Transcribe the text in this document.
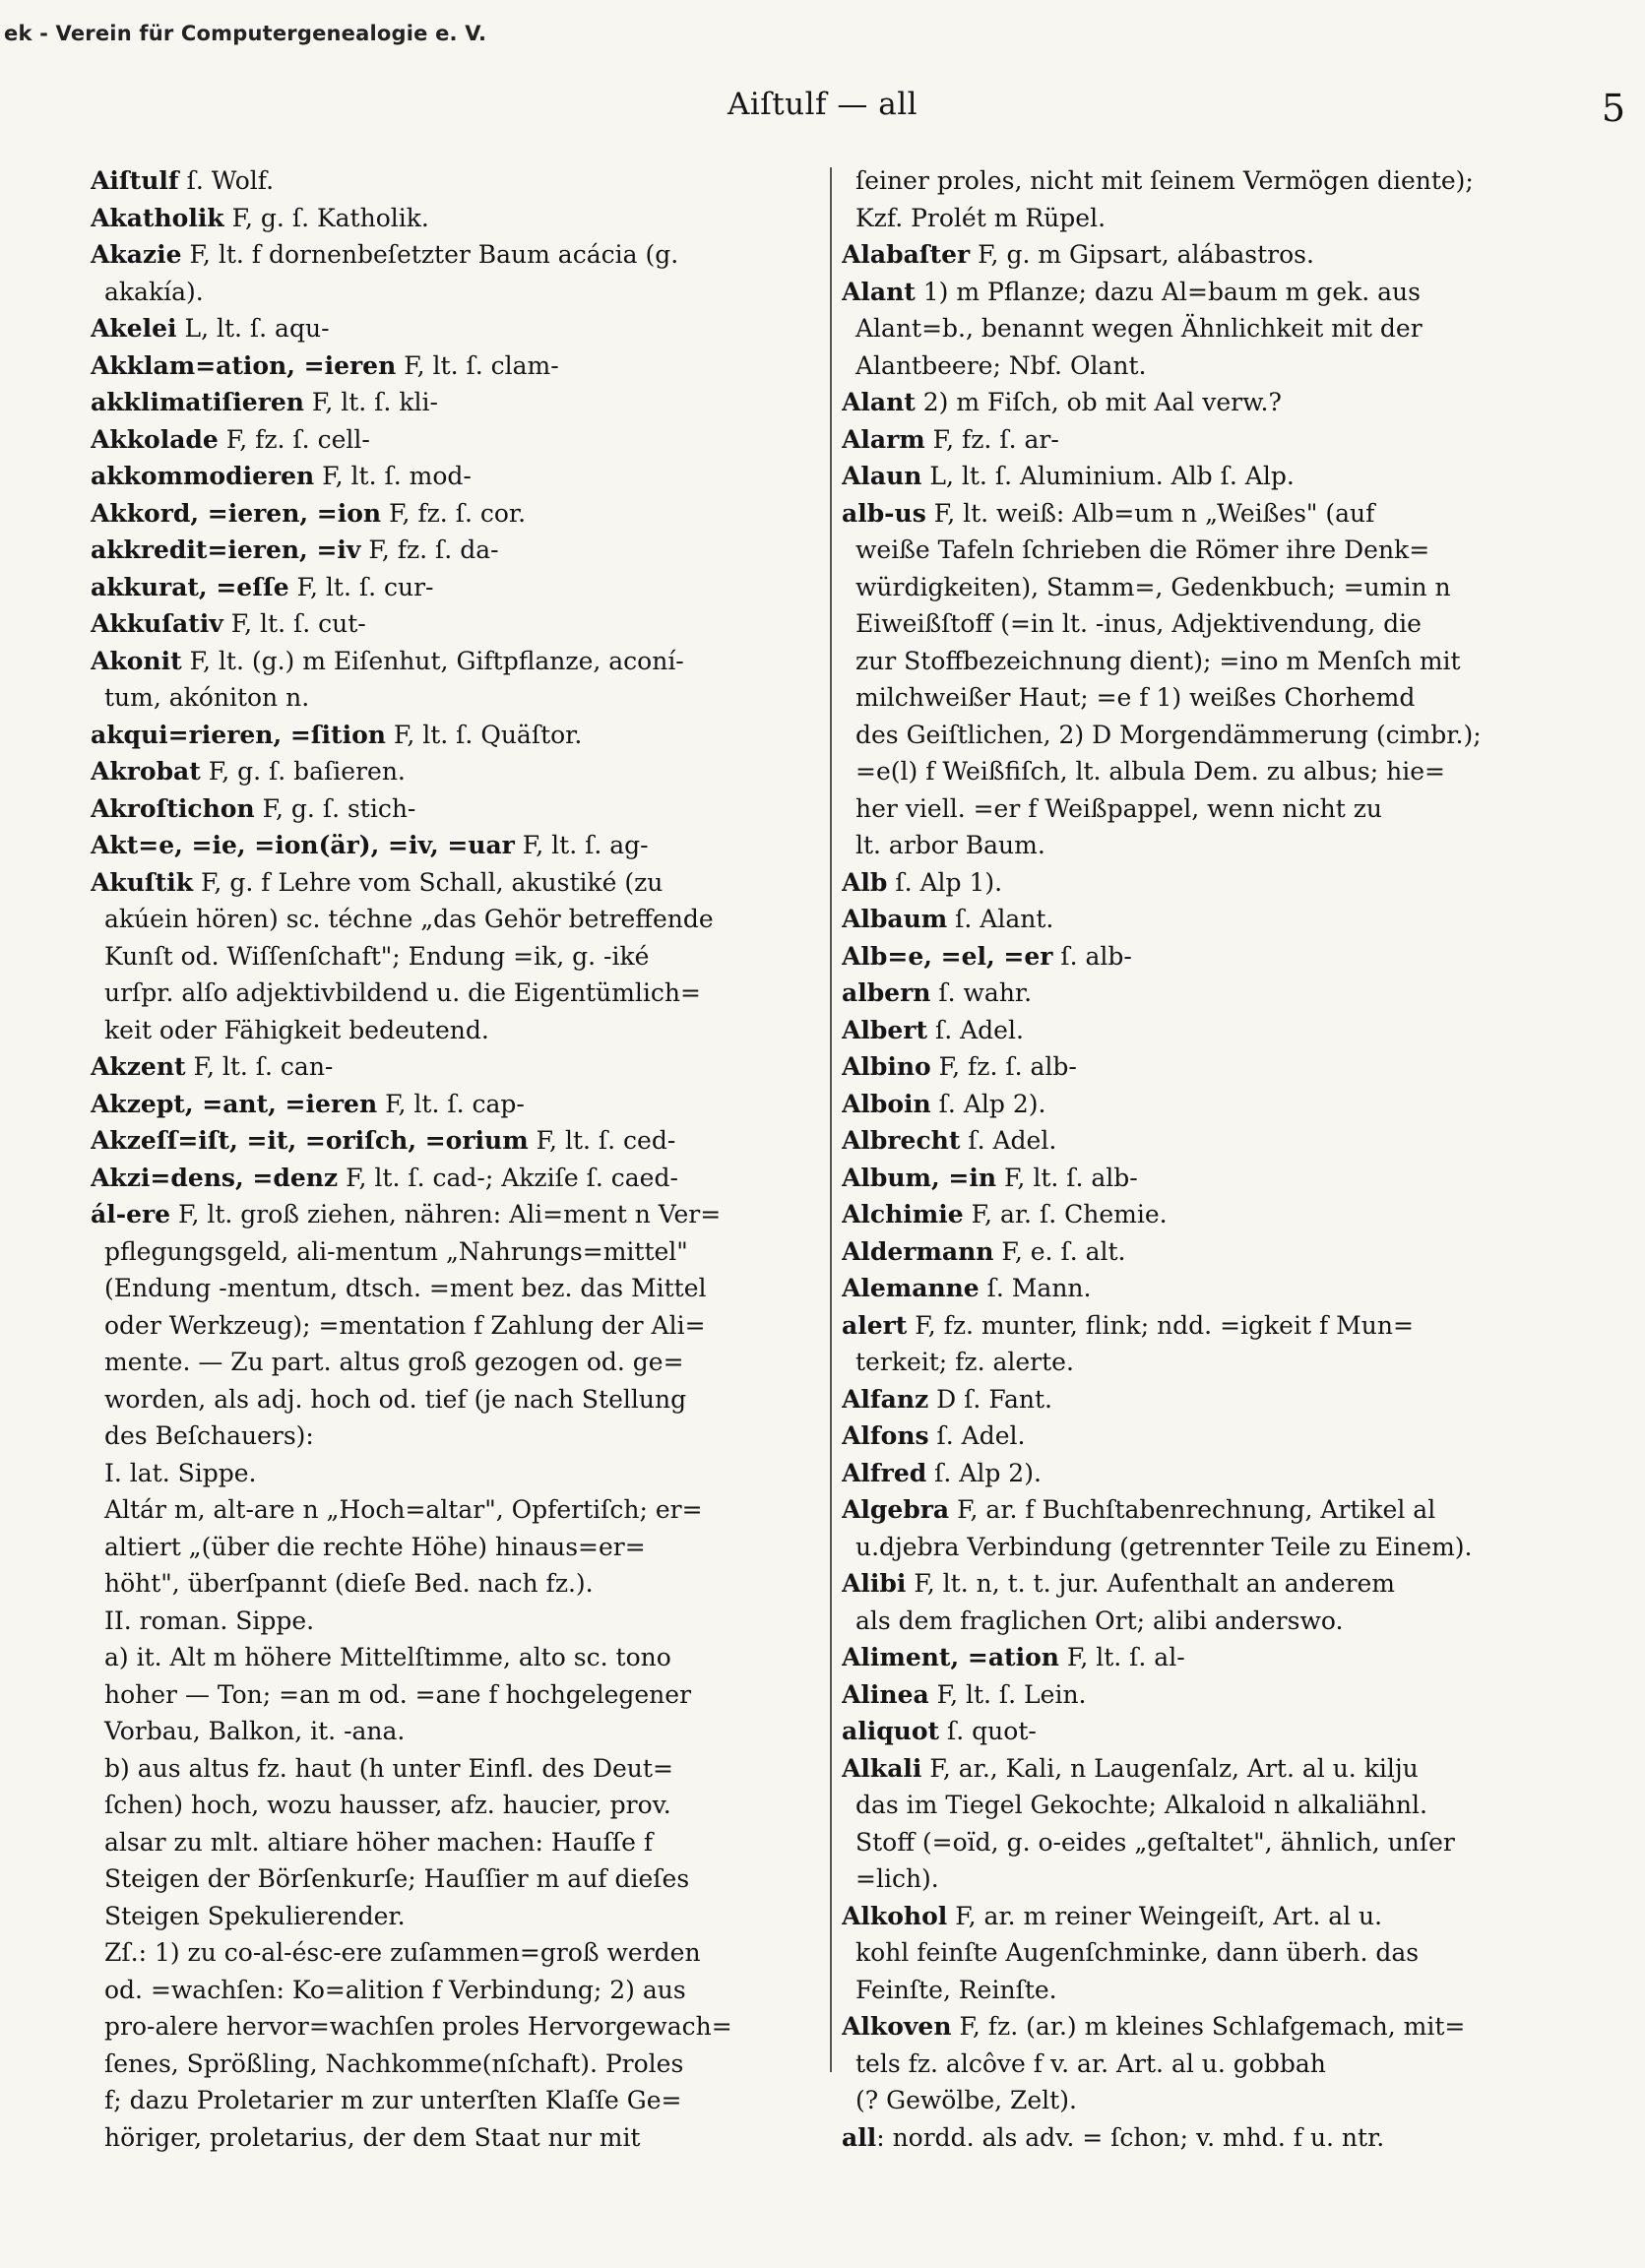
ek - Verein für Computergenealogie e. V.
Aiſtulf — all	5
Aiſtulf ſ. Wolf.
Akatholik F, g. ſ. Katholik.
Akazie F, lt. f dornenbeſetzter Baum acácia (g.
akakía).
Akelei L, lt. ſ. aqu-
Akklam=ation, =ieren F, lt. ſ. clam-
akklimatiſieren F, lt. ſ. kli-
Akkolade F, fz. ſ. cell-
akkommodieren F, lt. ſ. mod-
Akkord, =ieren, =ion F, fz. ſ. cor.
akkredit=ieren, =iv F, fz. ſ. da-
akkurat, =eſſe F, lt. ſ. cur-
Akkuſativ F, lt. ſ. cut-
Akonit F, lt. (g.) m Eiſenhut, Giftpflanze, aconí-
tum, akóniton n.
akqui=rieren, =ſition F, lt. ſ. Quäſtor.
Akrobat F, g. ſ. baſieren.
Akroſtichon F, g. ſ. stich-
Akt=e, =ie, =ion(är), =iv, =uar F, lt. ſ. ag-
Akuſtik F, g. f Lehre vom Schall, akustiké (zu
akúein hören) sc. téchne „das Gehör betreffende
Kunſt od. Wiſſenſchaft"; Endung =ik, g. -iké
urſpr. alſo adjektivbildend u. die Eigentümlich=
keit oder Fähigkeit bedeutend.
Akzent F, lt. ſ. can-
Akzept, =ant, =ieren F, lt. ſ. cap-
Akzeſſ=iſt, =it, =oriſch, =orium F, lt. ſ. ced-
Akzi=dens, =denz F, lt. ſ. cad-; Akziſe ſ. caed-
ál-ere F, lt. groß ziehen, nähren: Ali=ment n Ver=
pflegungsgeld, ali-mentum „Nahrungs=mittel"
(Endung -mentum, dtsch. =ment bez. das Mittel
oder Werkzeug); =mentation f Zahlung der Ali=
mente. — Zu part. altus groß gezogen od. ge=
worden, als adj. hoch od. tief (je nach Stellung
des Beſchauers):
I. lat. Sippe.
Altár m, alt-are n „Hoch=altar", Opfertiſch; er=
altiert „(über die rechte Höhe) hinaus=er=
höht", überſpannt (dieſe Bed. nach fz.).
II. roman. Sippe.
a) it. Alt m höhere Mittelſtimme, alto sc. tono
hoher — Ton; =an m od. =ane f hochgelegener
Vorbau, Balkon, it. -ana.
b) aus altus fz. haut (h unter Einfl. des Deut=
ſchen) hoch, wozu hausser, afz. haucier, prov.
alsar zu mlt. altiare höher machen: Hauſſe f
Steigen der Börſenkurſe; Hauſſier m auf dieſes
Steigen Spekulierender.
Zſ.: 1) zu co-al-ésc-ere zuſammen=groß werden
od. =wachſen: Ko=alition f Verbindung; 2) aus
pro-alere hervor=wachſen proles Hervorgewach=
ſenes, Sprößling, Nachkomme(nſchaft). Proles
f; dazu Proletarier m zur unterſten Klaſſe Ge=
höriger, proletarius, der dem Staat nur mit
ſeiner proles, nicht mit ſeinem Vermögen diente);
Kzf. Prolét m Rüpel.
Alabaſter F, g. m Gipsart, alábastros.
Alant 1) m Pflanze; dazu Al=baum m gek. aus
Alant=b., benannt wegen Ähnlichkeit mit der
Alantbeere; Nbf. Olant.
Alant 2) m Fiſch, ob mit Aal verw.?
Alarm F, fz. ſ. ar-
Alaun L, lt. ſ. Aluminium. Alb ſ. Alp.
alb-us F, lt. weiß: Alb=um n „Weißes" (auf
weiße Tafeln ſchrieben die Römer ihre Denk=
würdigkeiten), Stamm=, Gedenkbuch; =umin n
Eiweißſtoff (=in lt. -inus, Adjektivendung, die
zur Stoffbezeichnung dient); =ino m Menſch mit
milchweißer Haut; =e f 1) weißes Chorhemd
des Geiſtlichen, 2) D Morgendämmerung (cimbr.);
=e(l) f Weißfiſch, lt. albula Dem. zu albus; hie=
her viell. =er f Weißpappel, wenn nicht zu
lt. arbor Baum.
Alb ſ. Alp 1).
Albaum ſ. Alant.
Alb=e, =el, =er ſ. alb-
albern ſ. wahr.
Albert ſ. Adel.
Albino F, fz. ſ. alb-
Alboin ſ. Alp 2).
Albrecht ſ. Adel.
Album, =in F, lt. ſ. alb-
Alchimie F, ar. ſ. Chemie.
Aldermann F, e. ſ. alt.
Alemanne ſ. Mann.
alert F, fz. munter, flink; ndd. =igkeit f Mun=
terkeit; fz. alerte.
Alfanz D ſ. Fant.
Alfons ſ. Adel.
Alfred ſ. Alp 2).
Algebra F, ar. f Buchſtabenrechnung, Artikel al
u.djebra Verbindung (getrennter Teile zu Einem).
Alibi F, lt. n, t. t. jur. Aufenthalt an anderem
als dem fraglichen Ort; alibi anderswo.
Aliment, =ation F, lt. ſ. al-
Alinea F, lt. ſ. Lein.
aliquot ſ. quot-
Alkali F, ar., Kali, n Laugenſalz, Art. al u. kilju
das im Tiegel Gekochte; Alkaloid n alkaliähnl.
Stoff (=oïd, g. o-eides „geſtaltet", ähnlich, unſer
=lich).
Alkohol F, ar. m reiner Weingeiſt, Art. al u.
kohl feinſte Augenſchminke, dann überh. das
Feinſte, Reinſte.
Alkoven F, fz. (ar.) m kleines Schlafgemach, mit=
tels fz. alcôve f v. ar. Art. al u. gobbah
(? Gewölbe, Zelt).
all: nordd. als adv. = ſchon; v. mhd. f u. ntr.
